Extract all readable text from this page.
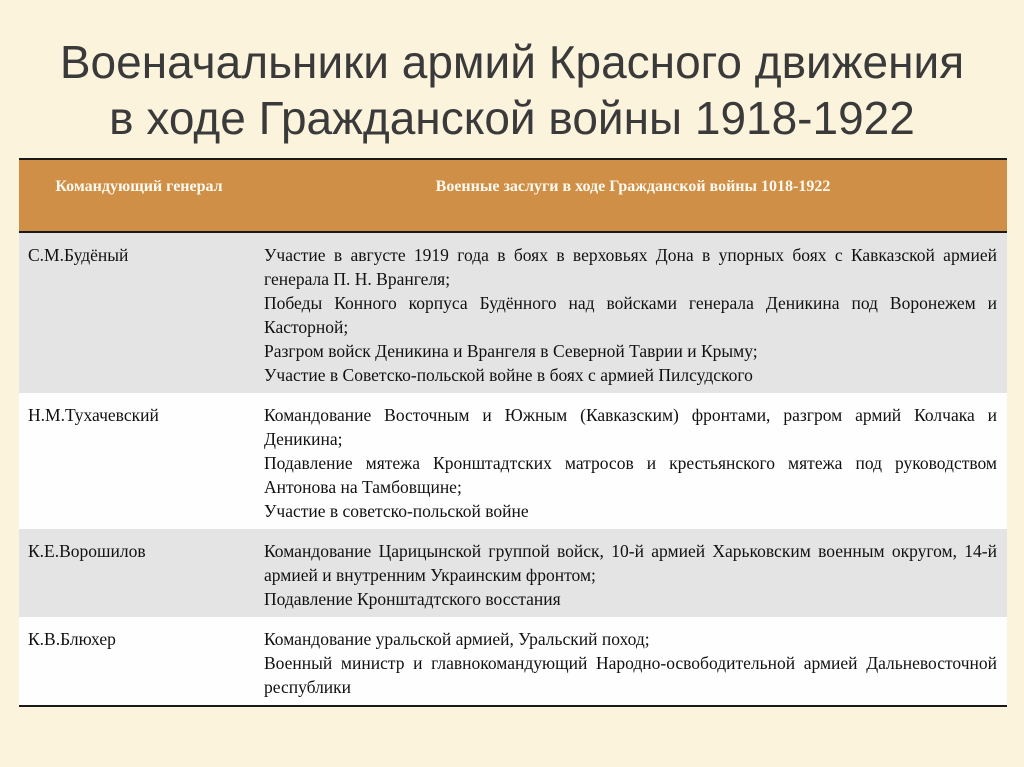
Военачальники армий Красного движения
в ходе Гражданской войны 1918-1922
Командующий генерал	Военные заслуги в ходе Гражданской войны 1018-1922
С.М.Будёный	Участие в августе 1919 года в боях в верховьях Дона в упорных боях с Кавказской армией генерала П. Н. Врангеля;
Победы Конного корпуса Будённого над войсками генерала Деникина под Воронежем и Касторной;
Разгром войск Деникина и Врангеля в Северной Таврии и Крыму;
Участие в Советско-польской войне в боях с армией Пилсудского

Н.М.Тухачевский	Командование Восточным и Южным (Кавказским) фронтами, разгром армий Колчака и Деникина;
Подавление мятежа Кронштадтских матросов и крестьянского мятежа под руководством Антонова на Тамбовщине;
Участие в советско-польской войне

К.Е.Ворошилов	Командование Царицынской группой войск, 10-й армией Харьковским военным округом, 14-й армией и внутренним Украинским фронтом;
Подавление Кронштадтского восстания

К.В.Блюхер	Командование уральской армией, Уральский поход;
Военный министр и главнокомандующий Народно-освободительной армией Дальневосточной республики
